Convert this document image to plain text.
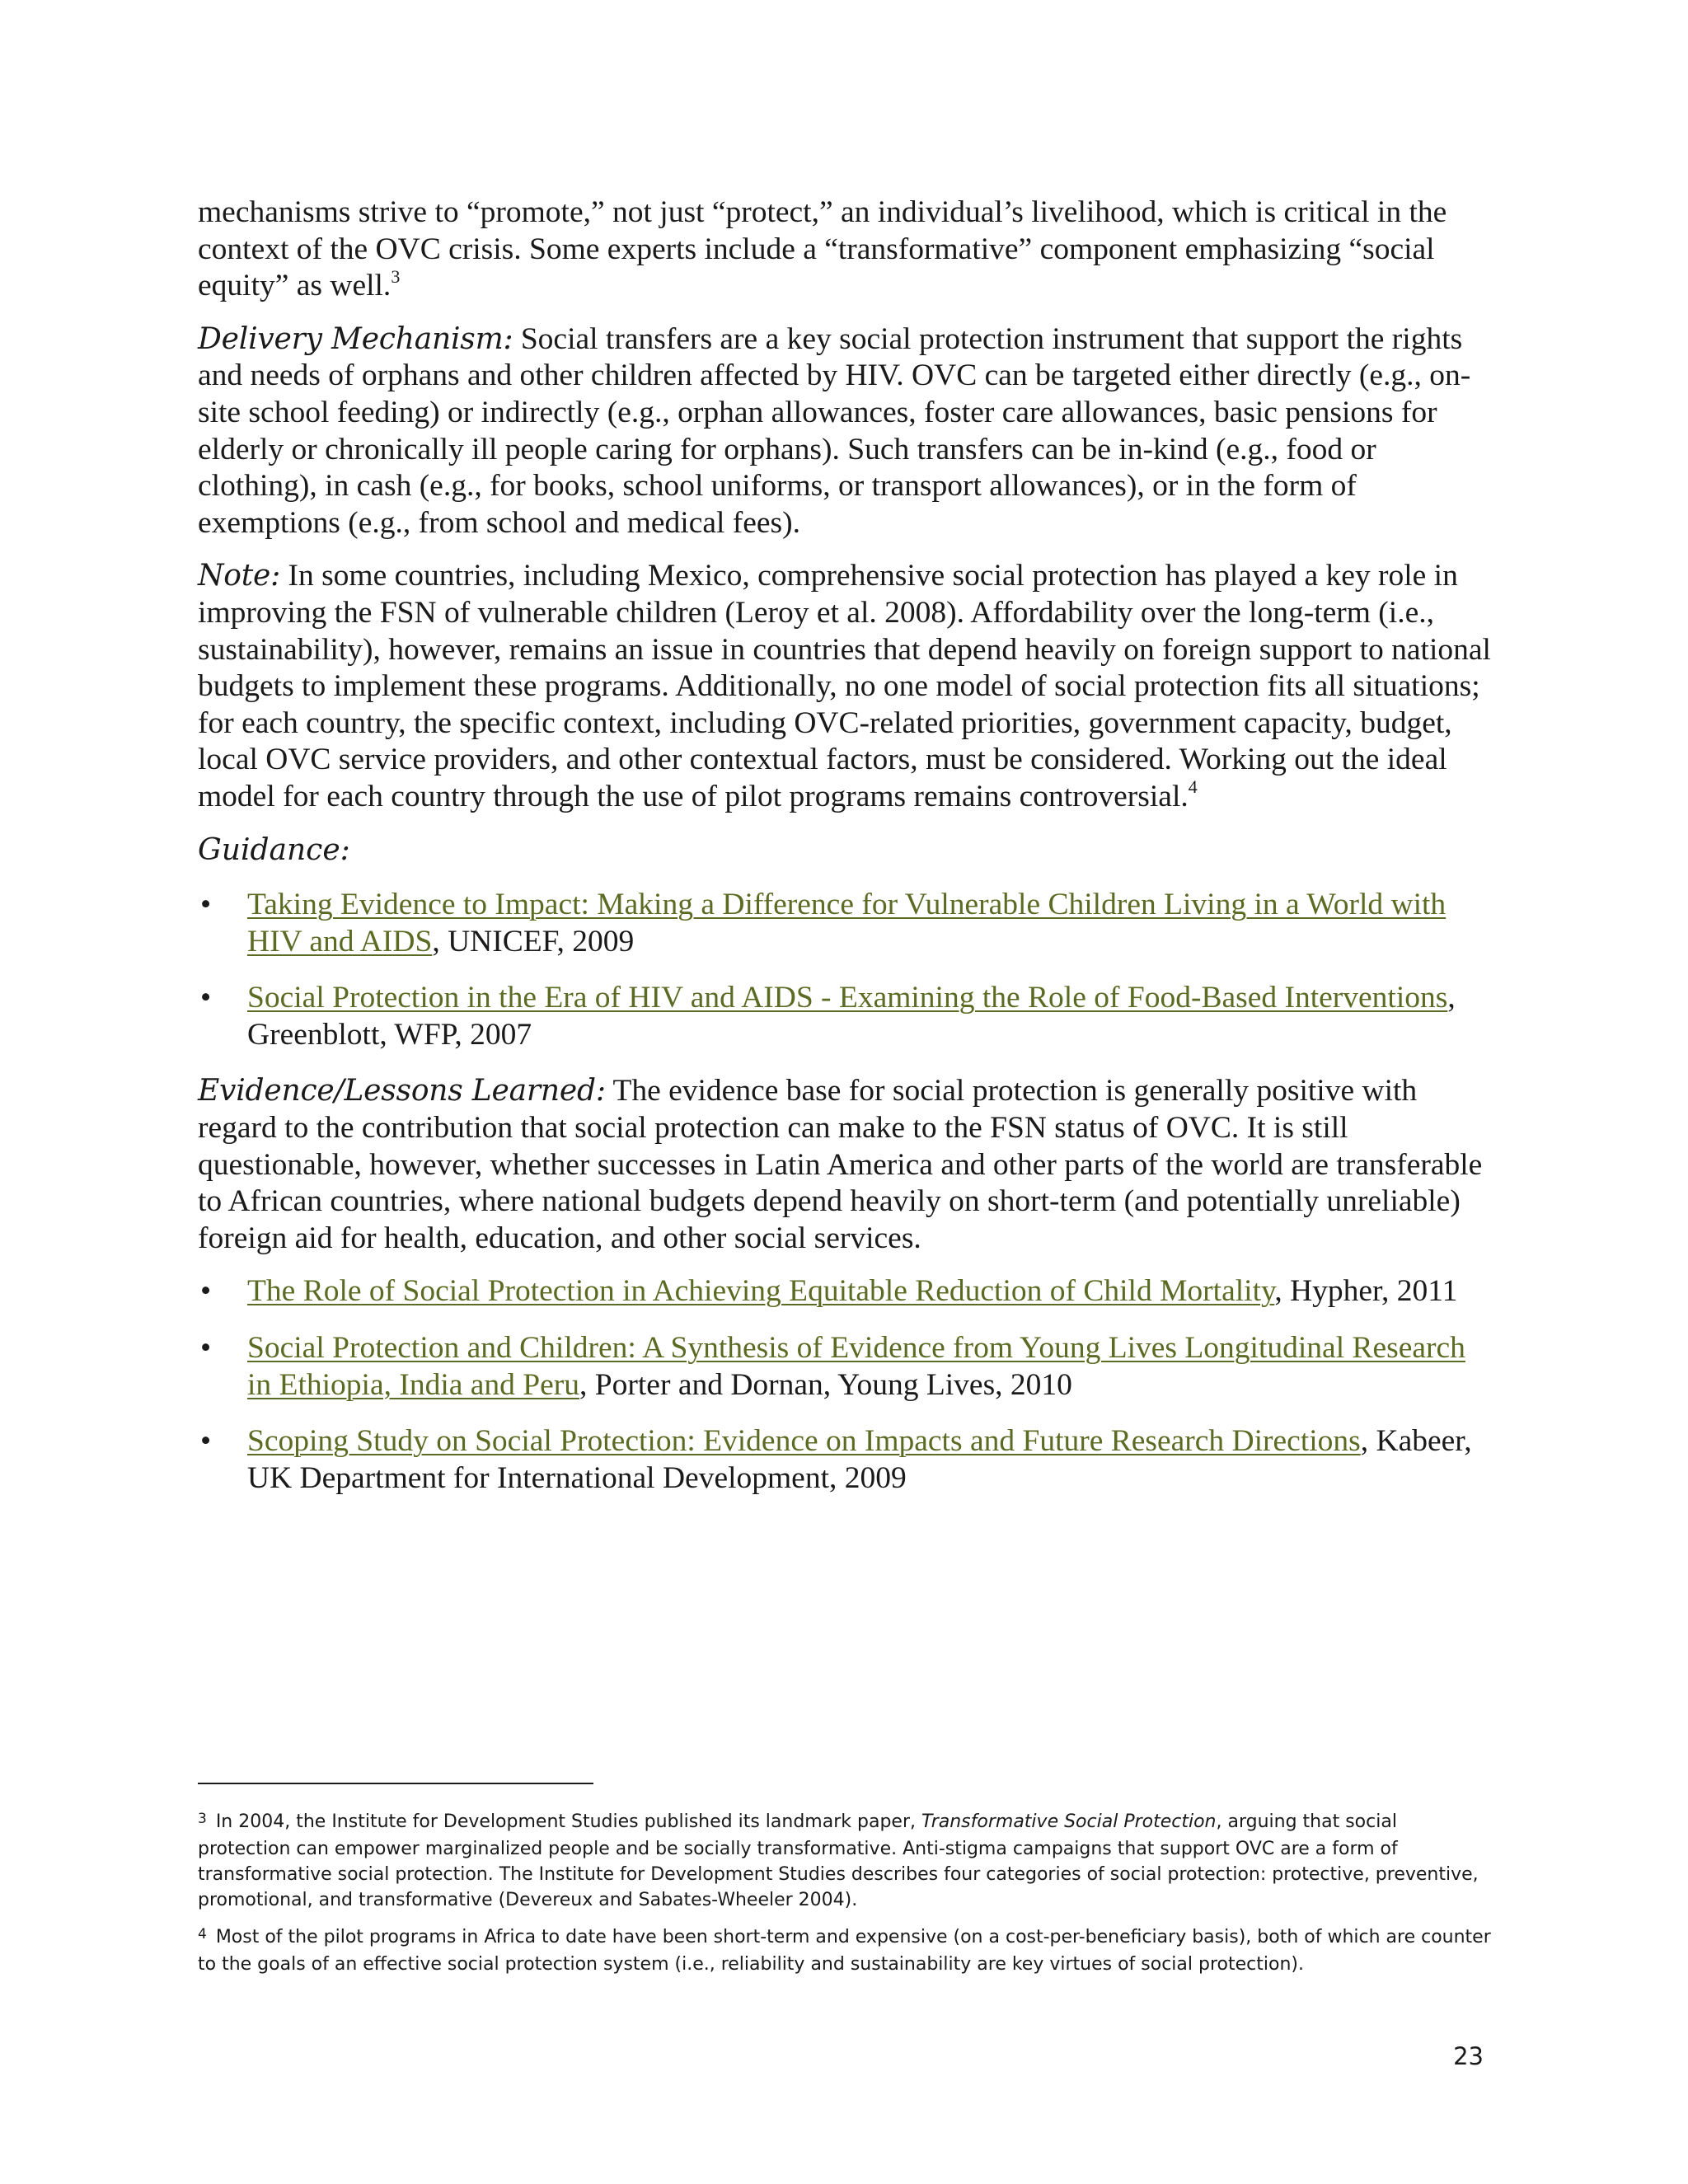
mechanisms strive to “promote,” not just “protect,” an individual’s livelihood, which is critical in the context of the OVC crisis. Some experts include a “transformative” component emphasizing “social equity” as well.$^3$

Delivery Mechanism: Social transfers are a key social protection instrument that support the rights and needs of orphans and other children affected by HIV. OVC can be targeted either directly (e.g., on-site school feeding) or indirectly (e.g., orphan allowances, foster care allowances, basic pensions for elderly or chronically ill people caring for orphans). Such transfers can be in-kind (e.g., food or clothing), in cash (e.g., for books, school uniforms, or transport allowances), or in the form of exemptions (e.g., from school and medical fees).

Note: In some countries, including Mexico, comprehensive social protection has played a key role in improving the FSN of vulnerable children (Leroy et al. 2008). Affordability over the long-term (i.e., sustainability), however, remains an issue in countries that depend heavily on foreign support to national budgets to implement these programs. Additionally, no one model of social protection fits all situations; for each country, the specific context, including OVC-related priorities, government capacity, budget, local OVC service providers, and other contextual factors, must be considered. Working out the ideal model for each country through the use of pilot programs remains controversial.$^4$

Guidance:
• Taking Evidence to Impact: Making a Difference for Vulnerable Children Living in a World with HIV and AIDS, UNICEF, 2009
• Social Protection in the Era of HIV and AIDS - Examining the Role of Food-Based Interventions, Greenblott, WFP, 2007

Evidence/Lessons Learned: The evidence base for social protection is generally positive with regard to the contribution that social protection can make to the FSN status of OVC. It is still questionable, however, whether successes in Latin America and other parts of the world are transferable to African countries, where national budgets depend heavily on short-term (and potentially unreliable) foreign aid for health, education, and other social services.

• The Role of Social Protection in Achieving Equitable Reduction of Child Mortality, Hypher, 2011
• Social Protection and Children: A Synthesis of Evidence from Young Lives Longitudinal Research in Ethiopia, India and Peru, Porter and Dornan, Young Lives, 2010
• Scoping Study on Social Protection: Evidence on Impacts and Future Research Directions, Kabeer, UK Department for International Development, 2009

$^3$ In 2004, the Institute for Development Studies published its landmark paper, Transformative Social Protection, arguing that social protection can empower marginalized people and be socially transformative. Anti-stigma campaigns that support OVC are a form of transformative social protection. The Institute for Development Studies describes four categories of social protection: protective, preventive, promotional, and transformative (Devereux and Sabates-Wheeler 2004).

$^4$ Most of the pilot programs in Africa to date have been short-term and expensive (on a cost-per-beneficiary basis), both of which are counter to the goals of an effective social protection system (i.e., reliability and sustainability are key virtues of social protection).

23
